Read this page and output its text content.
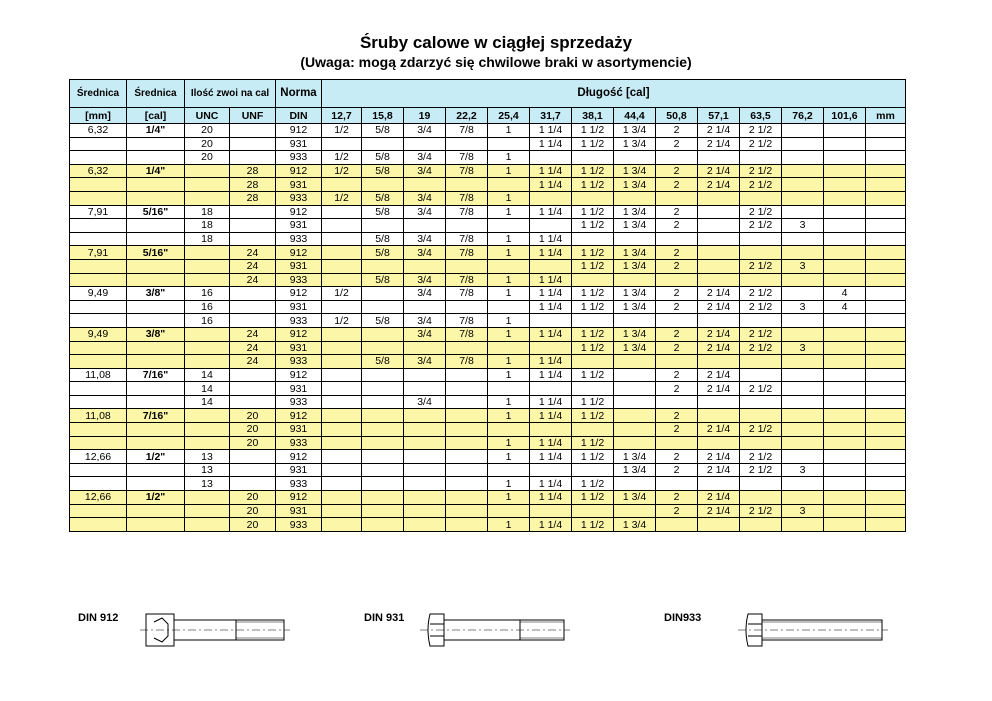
Śruby calowe w ciągłej sprzedaży
(Uwaga: mogą zdarzyć się chwilowe braki w asortymencie)
Średnica	Średnica	Ilość zwoi na cal		Norma	Długość [cal]													

[mm]	[cal]	UNC	UNF	DIN	12,7	15,8	19	22,2	25,4	31,7	38,1	44,4	50,8	57,1	63,5	76,2	101,6	mm
6,32	1/4"	20		912	1/2	5/8	3/4	7/8	1	1 1/4	1 1/2	1 3/4	2	2 1/4	2 1/2			
		20		931						1 1/4	1 1/2	1 3/4	2	2 1/4	2 1/2			
		20		933	1/2	5/8	3/4	7/8	1									
6,32	1/4"		28	912	1/2	5/8	3/4	7/8	1	1 1/4	1 1/2	1 3/4	2	2 1/4	2 1/2			
			28	931						1 1/4	1 1/2	1 3/4	2	2 1/4	2 1/2			
			28	933	1/2	5/8	3/4	7/8	1									
7,91	5/16"	18		912		5/8	3/4	7/8	1	1 1/4	1 1/2	1 3/4	2		2 1/2			
		18		931							1 1/2	1 3/4	2		2 1/2	3		
		18		933		5/8	3/4	7/8	1	1 1/4								
7,91	5/16"		24	912		5/8	3/4	7/8	1	1 1/4	1 1/2	1 3/4	2					
			24	931							1 1/2	1 3/4	2		2 1/2	3		
			24	933		5/8	3/4	7/8	1	1 1/4								
9,49	3/8"	16		912	1/2		3/4	7/8	1	1 1/4	1 1/2	1 3/4	2	2 1/4	2 1/2		4	
		16		931						1 1/4	1 1/2	1 3/4	2	2 1/4	2 1/2	3	4	
		16		933	1/2	5/8	3/4	7/8	1									
9,49	3/8"		24	912			3/4	7/8	1	1 1/4	1 1/2	1 3/4	2	2 1/4	2 1/2			
			24	931							1 1/2	1 3/4	2	2 1/4	2 1/2	3		
			24	933		5/8	3/4	7/8	1	1 1/4								
11,08	7/16"	14		912					1	1 1/4	1 1/2		2	2 1/4				
		14		931									2	2 1/4	2 1/2			
		14		933			3/4		1	1 1/4	1 1/2							
11,08	7/16"		20	912					1	1 1/4	1 1/2		2					
			20	931									2	2 1/4	2 1/2			
			20	933					1	1 1/4	1 1/2							
12,66	1/2"	13		912					1	1 1/4	1 1/2	1 3/4	2	2 1/4	2 1/2			
		13		931								1 3/4	2	2 1/4	2 1/2	3		
		13		933					1	1 1/4	1 1/2							
12,66	1/2"		20	912					1	1 1/4	1 1/2	1 3/4	2	2 1/4				
			20	931									2	2 1/4	2 1/2	3		
			20	933					1	1 1/4	1 1/2	1 3/4						
DIN 912	DIN 931	DIN933
